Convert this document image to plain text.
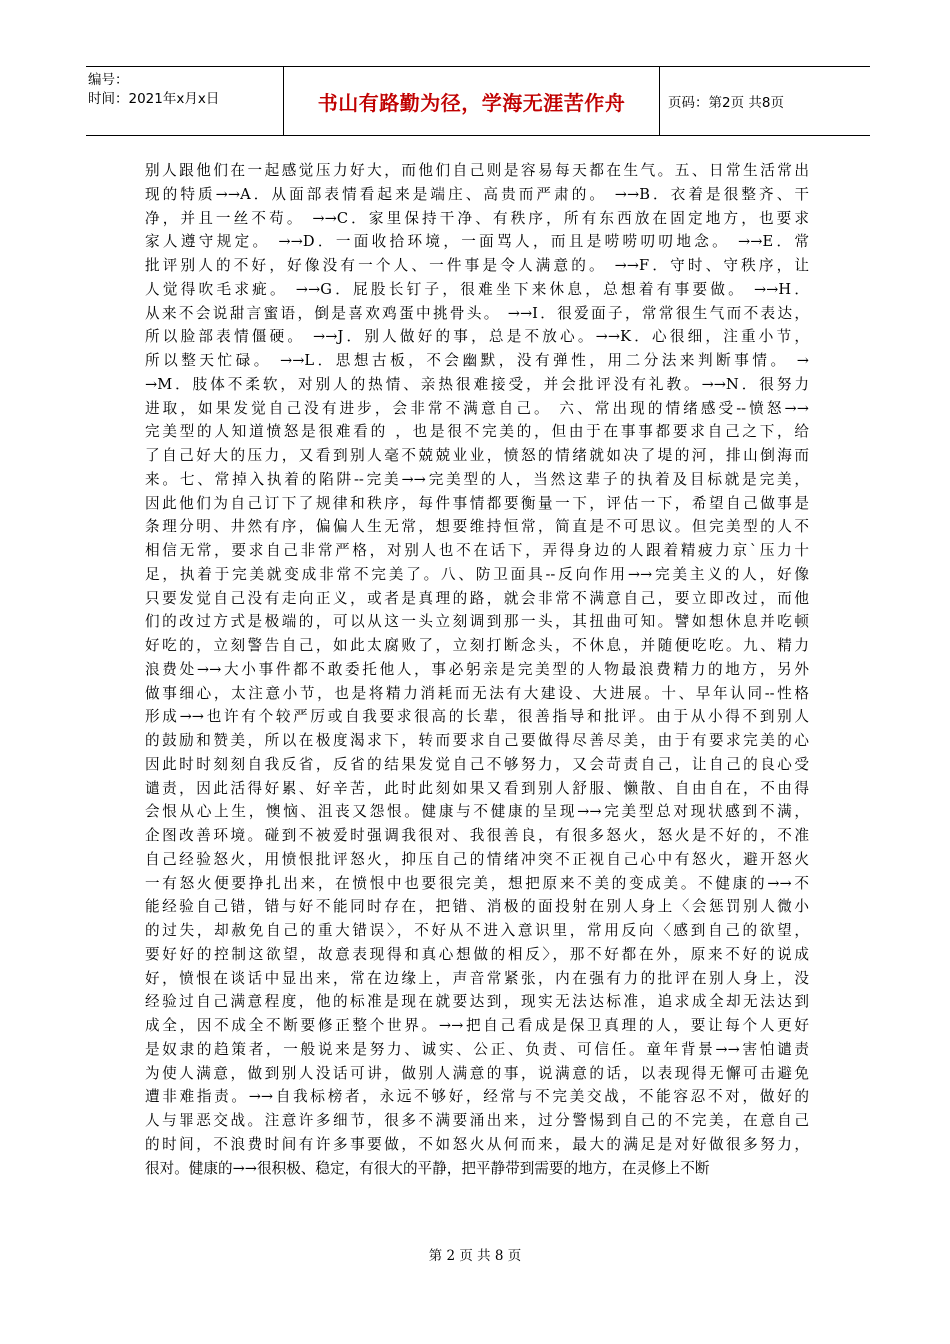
编号：
时间：2021年x月x日	书山有路勤为径，学海无涯苦作舟	页码：第2页 共8页
别人跟他们在一起感觉压力好大，而他们自己则是容易每天都在生气。五、日常生活常出
现的特质→→A．从面部表情看起来是端庄、高贵而严肃的。 →→B．衣着是很整齐、干
净，并且一丝不苟。 →→C．家里保持干净、有秩序，所有东西放在固定地方，也要求
家人遵守规定。 →→D．一面收拾环境，一面骂人，而且是唠唠叨叨地念。 →→E．常
批评别人的不好，好像没有一个人、一件事是令人满意的。 →→F．守时、守秩序，让
人觉得吹毛求疵。 →→G．屁股长钉子，很难坐下来休息，总想着有事要做。 →→H．
从来不会说甜言蜜语，倒是喜欢鸡蛋中挑骨头。 →→I．很爱面子，常常很生气而不表达，
所以脸部表情僵硬。 →→J．别人做好的事，总是不放心。→→K．心很细，注重小节，
所以整天忙碌。 →→L．思想古板，不会幽默，没有弹性，用二分法来判断事情。 →
→M．肢体不柔软，对别人的热情、亲热很难接受，并会批评没有礼教。→→N．很努力
进取，如果发觉自己没有进步，会非常不满意自己。 六、常出现的情绪感受--愤怒→→
完美型的人知道愤怒是很难看的 ，也是很不完美的，但由于在事事都要求自己之下，给
了自己好大的压力，又看到别人毫不兢兢业业，愤怒的情绪就如决了堤的河，排山倒海而
来。七、常掉入执着的陷阱--完美→→完美型的人，当然这辈子的执着及目标就是完美，
因此他们为自己订下了规律和秩序，每件事情都要衡量一下，评估一下，希望自己做事是
条理分明、井然有序，偏偏人生无常，想要维持恒常，简直是不可思议。但完美型的人不
相信无常，要求自己非常严格，对别人也不在话下，弄得身边的人跟着精疲力京`压力十
足，执着于完美就变成非常不完美了。八、防卫面具--反向作用→→完美主义的人，好像
只要发觉自己没有走向正义，或者是真理的路，就会非常不满意自己，要立即改过，而他
们的改过方式是极端的，可以从这一头立刻调到那一头，其扭曲可知。譬如想休息并吃顿
好吃的，立刻警告自己，如此太腐败了，立刻打断念头，不休息，并随便吃吃。九、精力
浪费处→→大小事件都不敢委托他人，事必躬亲是完美型的人物最浪费精力的地方，另外
做事细心，太注意小节，也是将精力消耗而无法有大建设、大进展。十、早年认同--性格
形成→→也许有个较严厉或自我要求很高的长辈，很善指导和批评。由于从小得不到别人
的鼓励和赞美，所以在极度渴求下，转而要求自己要做得尽善尽美，由于有要求完美的心
因此时时刻刻自我反省，反省的结果发觉自己不够努力，又会苛责自己，让自己的良心受
谴责，因此活得好累、好辛苦，此时此刻如果又看到别人舒服、懒散、自由自在，不由得
会恨从心上生，懊恼、沮丧又怨恨。健康与不健康的呈现→→完美型总对现状感到不满，
企图改善环境。碰到不被爱时强调我很对、我很善良，有很多怒火，怒火是不好的，不准
自己经验怒火，用愤恨批评怒火，抑压自己的情绪冲突不正视自己心中有怒火，避开怒火
一有怒火便要挣扎出来，在愤恨中也要很完美，想把原来不美的变成美。不健康的→→不
能经验自己错，错与好不能同时存在，把错、消极的面投射在别人身上〈会惩罚别人微小
的过失，却赦免自己的重大错误〉，不好从不进入意识里，常用反向〈感到自己的欲望，
要好好的控制这欲望，故意表现得和真心想做的相反〉，那不好都在外，原来不好的说成
好，愤恨在谈话中显出来，常在边缘上，声音常紧张，内在强有力的批评在别人身上，没
经验过自己满意程度，他的标准是现在就要达到，现实无法达标准，追求成全却无法达到
成全，因不成全不断要修正整个世界。→→把自己看成是保卫真理的人，要让每个人更好
是奴隶的趋策者，一般说来是努力、诚实、公正、负责、可信任。童年背景→→害怕谴责
为使人满意，做到别人没话可讲，做别人满意的事，说满意的话，以表现得无懈可击避免
遭非难指责。→→自我标榜者，永远不够好，经常与不完美交战，不能容忍不对，做好的
人与罪恶交战。注意许多细节，很多不满要涌出来，过分警惕到自己的不完美，在意自己
的时间，不浪费时间有许多事要做，不如怒火从何而来，最大的满足是对好做很多努力，
很对。健康的→→很积极、稳定，有很大的平静，把平静带到需要的地方，在灵修上不断
第 2 页 共 8 页
